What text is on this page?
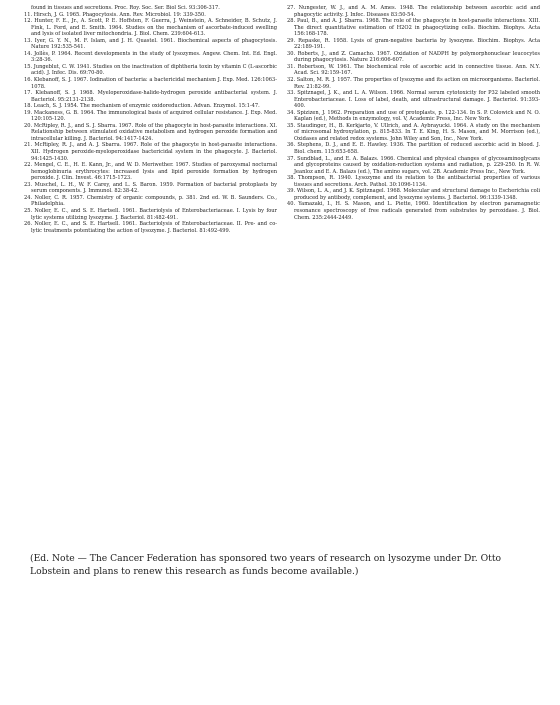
found in tissues and secretions. Proc. Roy. Soc. Ser. Biol Sci. 93:306-317.

11. Hirsch, J. G. 1965. Phagocytosis. Ann. Rev. Microbiol. 19: 339-350.

12. Hunter, F. E., Jr., A. Scott, P. E. Hoffsten, F. Guerra, J. Weinstein, A. Schneider, B. Schutz, J. Fink, L. Ford, and E. Smith. 1964. Studies on the mechanism of ascorbate-induced swelling and lysis of isolated liver mitochondria. J. Biol. Chem. 239:604-613.

13. Iyer, G. Y. N., M. F. Islam, and J. H. Quastel. 1961. Biochemical aspects of phagocytosis. Nature 192:535-541.

14. Jollès, P. 1964. Recent developments in the study of lysozymes. Angew. Chem. Int. Ed. Engl. 3:28-36.

15. Jungeblut, C. W. 1941. Studies on the inactivation of diphtheria toxin by vitamin C (L-ascorbic acid). J. Infec. Dis. 69:70-80.

16. Klebanoff, S. J. 1967. Iodination of bacteria: a bactericidal mechanism J. Exp. Med. 126:1063-1078.

17. Klebanoff, S. J. 1968. Myeloperoxidase-halide-hydrogen peroxide antibacterial system. J. Bacteriol. 95:2131-2138.

18. Leach, S. J. 1954. The mechanism of enzymic oxidoreduction. Advan. Enzymol. 15:1-47.

19. Mackaness, G. B. 1964. The immunological basis of acquired cellular resistance. J. Exp. Med. 120:105-120.

20. McRipley, R. J., and S. J. Sbarra. 1967. Role of the phagocyte in host-parasite interactions. XI. Relationship between stimulated oxidative metabolism and hydrogen peroxide formation and intracellular killing. J. Bacteriol. 94:1417-1424.

21. McRipley, R. J., and A. J. Sbarra. 1967. Role of the phagocyte in host-parasite interactions. XII. Hydrogen peroxide-myeloperoxidase bactericidal system in the phagocyte. J. Bacteriol. 94:1425-1430.

22. Mengel, C. E., H. E. Kann, Jr., and W. D. Meriwether. 1967. Studies of paroxysmal nocturnal hemoglobinuria erythrocytes: increased lysis and lipid peroxide formation by hydrogen peroxide. J. Clin. Invest. 46:1715-1723.

23. Muschel, L. H., W. F. Carey, and L. S. Baron. 1959. Formation of bacterial protoplasts by serum components. J. Immunol. 82:38-42.

24. Noller, C. R. 1957. Chemistry of organic compounds, p. 381. 2nd ed. W. B. Saunders. Co., Philadelphia.

25. Noller, E. C., and S. E. Hartsell. 1961. Bacteriolysis of Enterobacteriaceae. I. Lysis by four lytic systems utilizing lysozyme. J. Bacteriol. 81:482-491.

26. Noller, E. C., and S. E. Hartsell. 1961. Bacteriolysis of Enterobacteriaceae. II. Pre- and co-lytic treatments potentiating the action of lysozyme. J. Bacteriol. 81:492-499.

27. Nungester, W. J., and A. M. Ames. 1948. The relationship between ascorbic acid and phagocytic activity. J. Infec. Diseases 83:50-54.

28. Paul, B., and A. J. Sbarra. 1968. The role of the phagocyte in host-parasite interactions. XIII. The direct quantitative estimation of H2O2 in phagocytizing cells. Biochim. Biophys. Acta 156:168-178.

29. Repaske, R. 1958. Lysis of gram-negative bacteria by lysozyme. Biochim. Biophys. Acta 22:189-191.

30. Roberts, J., and Z. Camacho. 1967. Oxidation of NADPH by polymorphonuclear leucocytes during phagocytosis. Nature 216:606-607.

31. Robertson, W. 1961. The biochemical role of ascorbic acid in connective tissue. Ann. N.Y. Acad. Sci. 92:159-167.

32. Salton, M. R. J. 1957. The properties of lysozyme and its action on microorganisms. Bacteriol. Rev. 21:82-99.

33. Spitznagel, J. K., and L. A. Wilson. 1966. Normal serum cytotoxicity for P32 labeled smooth Enterobacteriaceae. I. Loss of label, death, and ultrastructural damage. J. Bacteriol. 91:393-400.

34. Spizizen, J. 1962. Preparation and use of protoplasts, p. 122-134. In S. P. Colowick and N. O. Kaplan (ed.), Methods in enzymology, vol. V, Academic Press, Inc. New York.

35. Staudinger, H., B. Kerkjarto, V. Ullrich, and A. Aybrayucki. 1964. A study on the mechanism of microsomal hydroxylation, p. 815-833. In T. E. King, H. S. Mason, and M. Morrison (ed.), Oxidases and related redox systems. John Wiley and Son, Inc., New York.

36. Stephens, D. J., and E. E. Hawley. 1936. The partition of reduced ascorbic acid in blood. J. Biol. chem. 115:653-658.

37. Sundblad, L., and E. A. Balazs. 1966. Chemical and physical changes of glycosaminoglycans and glycoproteins caused by oxidation-reduction systems and radiation, p. 229-250. In R. W. Jeanloz and E. A. Balazs (ed.), The amino sugars, vol. 2B. Academic Press Inc., New York.

38. Thompson, R. 1940. Lysozyme and its relation to the antibacterial properties of various tissues and secretions. Arch. Pathol. 30:1096-1134.

39. Wilson, L. A., and J. K. Spitznagel. 1968. Molecular and structural damage to Escherichia coli produced by antibody, complement, and lysozyme systems. J. Bacteriol. 96:1339-1348.

40. Yamazaki, I., H. S. Mason, and L. Piette, 1960. Identification by electron paramagnetic resonance spectroscopy of free radicals generated from substrates by peroxidase. J. Biol. Chem. 235:2444-2449.

(Ed. Note — The Cancer Federation has sponsored two years of research on lysozyme under Dr. Otto Lobstein and plans to renew this research as funds become available.)
